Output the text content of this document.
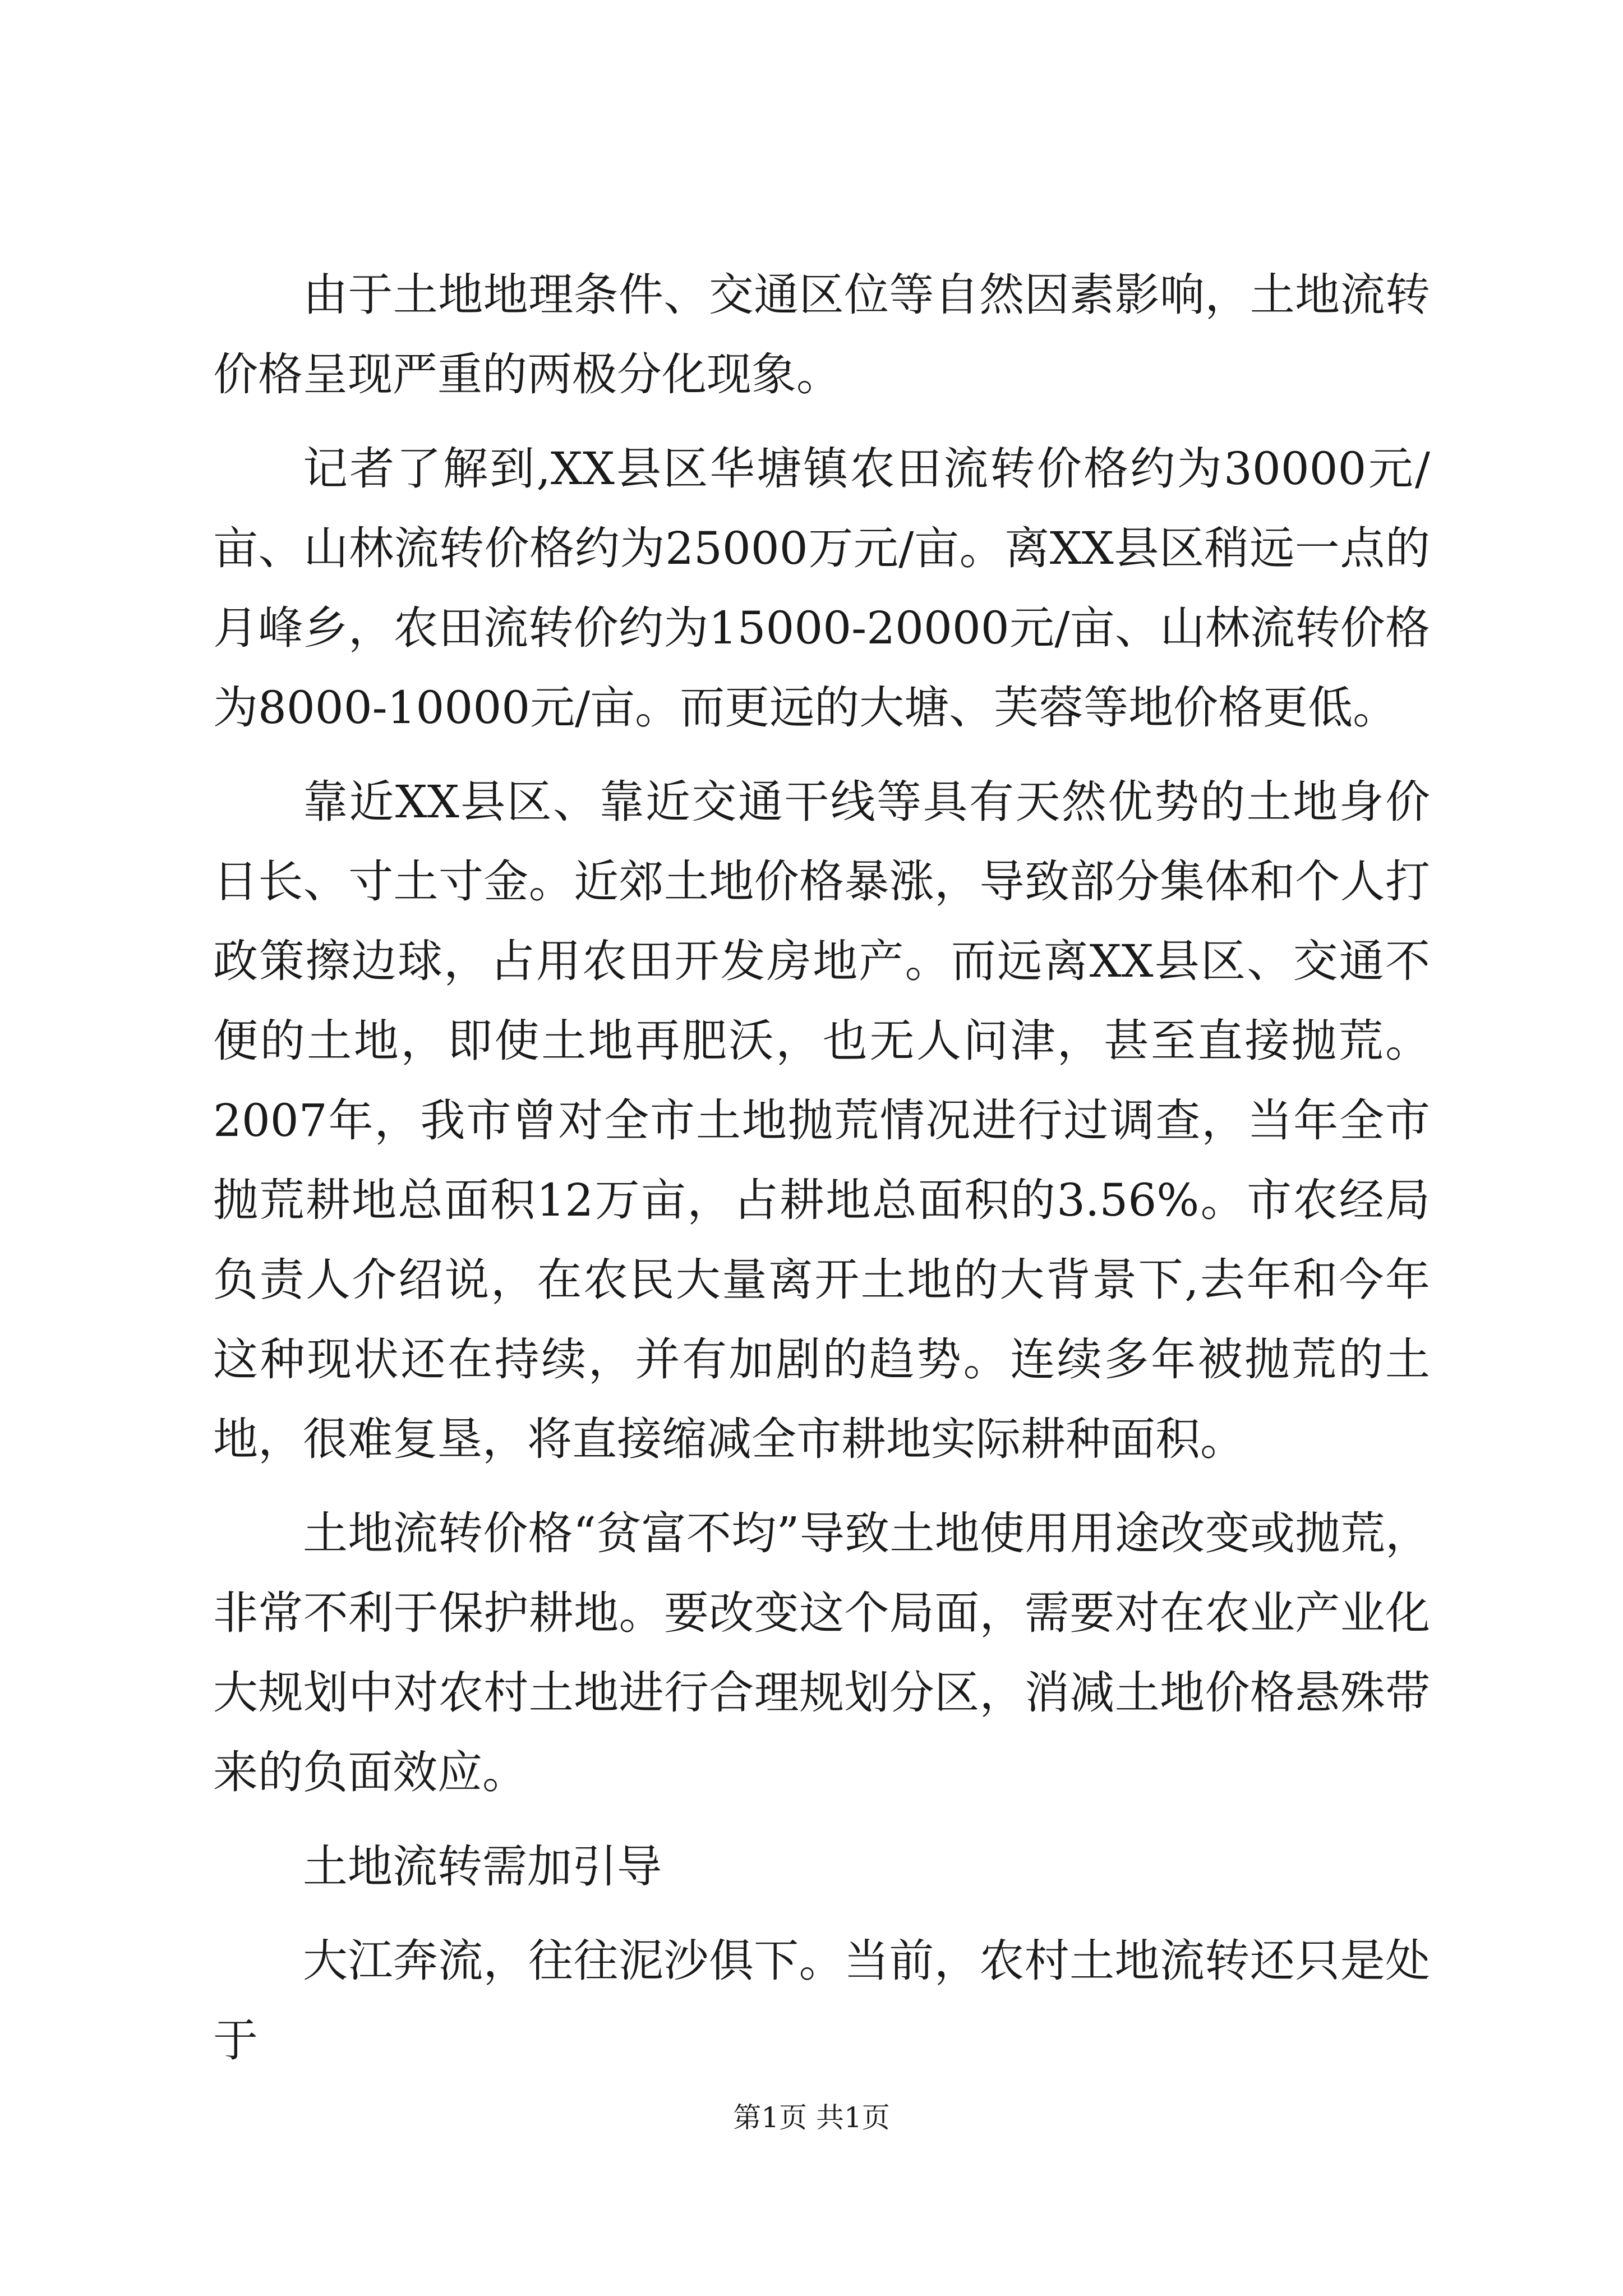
由于土地地理条件、交通区位等自然因素影响，土地流转价格呈现严重的两极分化现象。

记者了解到,XX县区华塘镇农田流转价格约为30000元/亩、山林流转价格约为25000万元/亩。离XX县区稍远一点的月峰乡，农田流转价约为15000-20000元/亩、山林流转价格为8000-10000元/亩。而更远的大塘、芙蓉等地价格更低。

靠近XX县区、靠近交通干线等具有天然优势的土地身价日长、寸土寸金。近郊土地价格暴涨，导致部分集体和个人打政策擦边球，占用农田开发房地产。而远离XX县区、交通不便的土地，即使土地再肥沃，也无人问津，甚至直接抛荒。2007年，我市曾对全市土地抛荒情况进行过调查，当年全市抛荒耕地总面积12万亩，占耕地总面积的3.56%。市农经局负责人介绍说，在农民大量离开土地的大背景下,去年和今年这种现状还在持续，并有加剧的趋势。连续多年被抛荒的土地，很难复垦，将直接缩减全市耕地实际耕种面积。

土地流转价格“贫富不均”导致土地使用用途改变或抛荒，非常不利于保护耕地。要改变这个局面，需要对在农业产业化大规划中对农村土地进行合理规划分区，消减土地价格悬殊带来的负面效应。

土地流转需加引导

大江奔流，往往泥沙俱下。当前，农村土地流转还只是处于

第1页 共1页
